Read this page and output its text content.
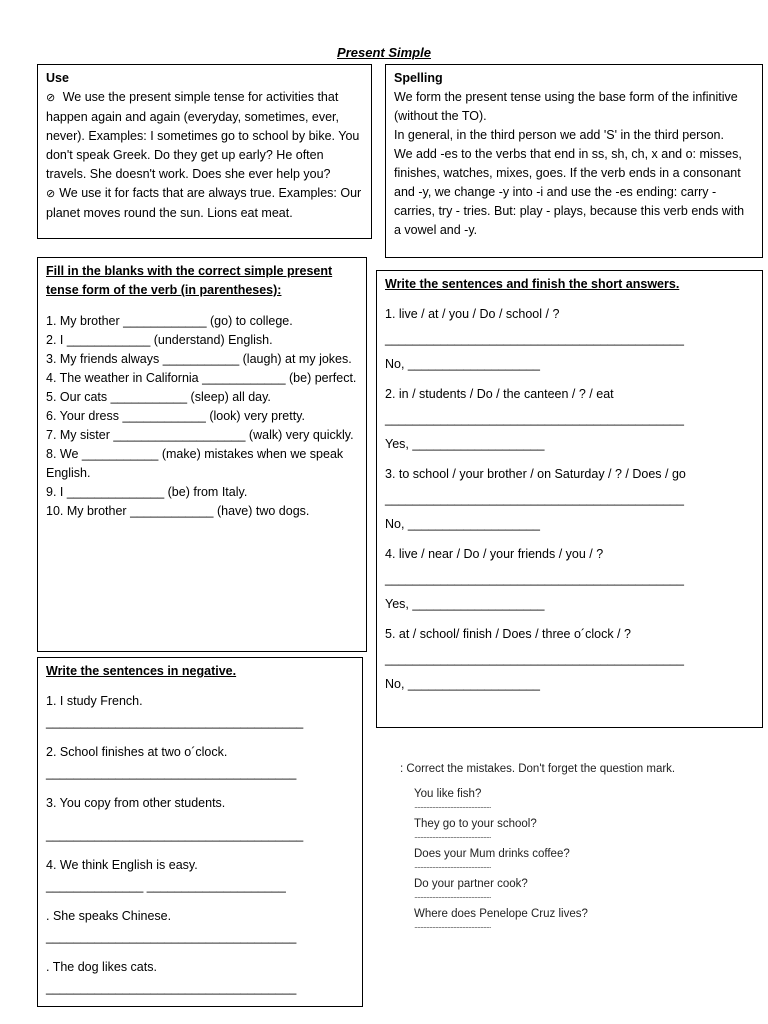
Present Simple

Use

⊘ We use the present simple tense for activities that happen again and again (everyday, sometimes, ever, never). Examples: I sometimes go to school by bike. You don't speak Greek. Do they get up early? He often travels. She doesn't work. Does she ever help you?

⊘ We use it for facts that are always true. Examples: Our planet moves round the sun. Lions eat meat.

Spelling

We form the present tense using the base form of the infinitive (without the TO).

In general, in the third person we add 'S' in the third person.

We add -es to the verbs that end in ss, sh, ch, x and o: misses, finishes, watches, mixes, goes. If the verb ends in a consonant and -y, we change -y into -i and use the -es ending: carry - carries, try - tries. But: play - plays, because this verb ends with a vowel and -y.

Fill in the blanks with the correct simple present tense form of the verb (in parentheses):

1. My brother ____________ (go) to college.

2. I ____________ (understand) English.

3. My friends always ___________ (laugh) at my jokes.

4. The weather in California ____________ (be) perfect.

5. Our cats ___________ (sleep) all day.

6. Your dress ____________ (look) very pretty.

7. My sister ___________________ (walk) very quickly.

8. We ___________ (make) mistakes when we speak English.

9. I ______________ (be) from Italy.

10. My brother ____________ (have) two dogs.

Write the sentences and finish the short answers.

1. live / at / you / Do / school / ?

___________________________________________

No, ___________________

2. in / students / Do / the canteen / ? / eat

___________________________________________

Yes, ___________________

3. to school / your brother / on Saturday / ? / Does / go

___________________________________________

No, ___________________

4. live / near / Do / your friends / you / ?

___________________________________________

Yes, ___________________

5. at / school/ finish / Does / three o´clock / ?

___________________________________________

No, ___________________

Write the sentences in negative.

1. I study French.

_____________________________________

2. School finishes at two o´clock.

____________________________________

3. You copy from other students.

_____________________________________

4. We think English is easy.

______________ ____________________

. She speaks Chinese.

____________________________________

. The dog likes cats.

____________________________________

: Correct the mistakes. Don't forget the question mark.
You like fish?
...................................................
They go to your school?
...................................................
Does your Mum drinks coffee?
...................................................
Do your partner cook?
...................................................
Where does Penelope Cruz lives?
...................................................
